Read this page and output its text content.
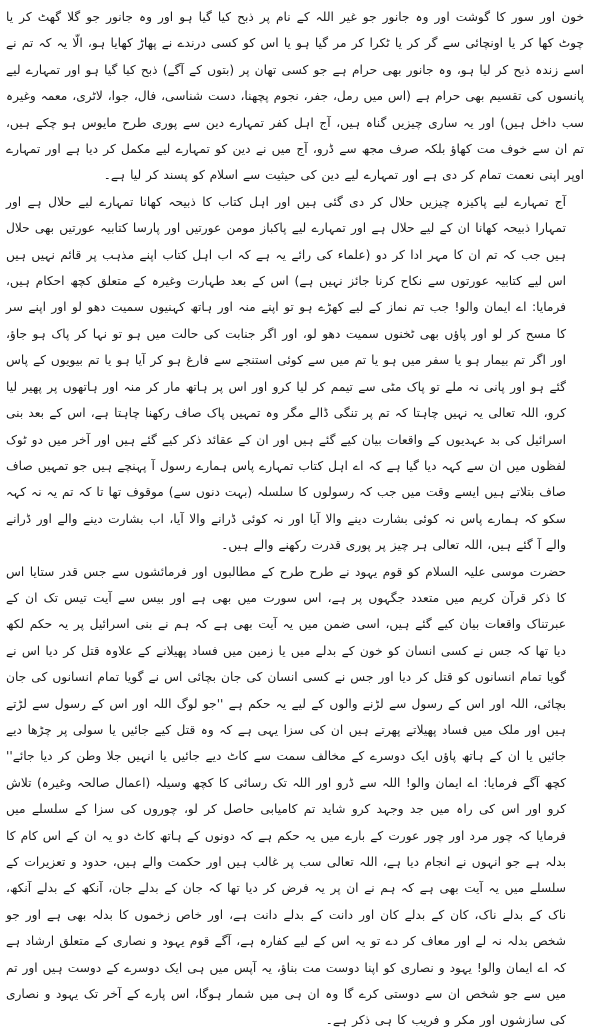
خون اور سور کا گوشت اور وہ جانور جو غیر اللہ کے نام پر ذبح کیا گیا ہو اور وہ جانور جو گلا گھٹ کر یا چوٹ کھا کر یا اونچائی سے گر کر یا ٹکرا کر مر گیا ہو یا اس کو کسی درندے نے پھاڑ کھایا ہو، الّا یہ کہ تم نے اسے زندہ ذبح کر لیا ہو، وہ جانور بھی حرام ہے جو کسی تھان پر (بتوں کے آگے) ذبح کیا گیا ہو اور تمہارے لیے پانسوں کی تقسیم بھی حرام ہے (اس میں رمل، جفر، نجوم پچھنا، دست شناسی، فال، جوا، لاٹری، معمہ وغیرہ سب داخل ہیں) اور یہ ساری چیزیں گناہ ہیں، آج اہل کفر تمہارے دین سے پوری طرح مایوس ہو چکے ہیں، تم ان سے خوف مت کھاؤ بلکہ صرف مجھ سے ڈرو، آج میں نے دین کو تمہارے لیے مکمل کر دیا ہے اور تمہارے اوپر اپنی نعمت تمام کر دی ہے اور تمہارے لیے دین کی حیثیت سے اسلام کو پسند کر لیا ہے۔

آج تمہارے لیے پاکیزہ چیزیں حلال کر دی گئی ہیں اور اہل کتاب کا ذبیحہ کھانا تمہارے لیے حلال ہے اور تمہارا ذبیحہ کھانا ان کے لیے حلال ہے اور تمہارے لیے پاکباز مومن عورتیں اور پارسا کتابیہ عورتیں بھی حلال ہیں جب کہ تم ان کا مہر ادا کر دو (علماء کی رائے یہ ہے کہ اب اہل کتاب اپنے مذہب پر قائم نہیں ہیں اس لیے کتابیہ عورتوں سے نکاح کرنا جائز نہیں ہے) اس کے بعد طہارت وغیرہ کے متعلق کچھ احکام ہیں، فرمایا: اے ایمان والو! جب تم نماز کے لیے کھڑے ہو تو اپنے منہ اور ہاتھ کہنیوں سمیت دھو لو اور اپنے سر کا مسح کر لو اور پاؤں بھی ٹخنوں سمیت دھو لو، اور اگر جنابت کی حالت میں ہو تو نہا کر پاک ہو جاؤ، اور اگر تم بیمار ہو یا سفر میں ہو یا تم میں سے کوئی استنجے سے فارغ ہو کر آیا ہو یا تم بیویوں کے پاس گئے ہو اور پانی نہ ملے تو پاک مٹی سے تیمم کر لیا کرو اور اس پر ہاتھ مار کر منہ اور ہاتھوں پر پھیر لیا کرو، اللہ تعالی یہ نہیں چاہتا کہ تم پر تنگی ڈالے مگر وہ تمہیں پاک صاف رکھنا چاہتا ہے، اس کے بعد بنی اسرائیل کی بد عہدیوں کے واقعات بیان کیے گئے ہیں اور ان کے عقائد ذکر کیے گئے ہیں اور آخر میں دو ٹوک لفظوں میں ان سے کہہ دیا گیا ہے کہ اے اہل کتاب تمہارے پاس ہمارے رسول آ پہنچے ہیں جو تمہیں صاف صاف بتلاتے ہیں ایسے وقت میں جب کہ رسولوں کا سلسلہ (بہت دنوں سے) موقوف تھا تا کہ تم یہ نہ کہہ سکو کہ ہمارے پاس نہ کوئی بشارت دینے والا آیا اور نہ کوئی ڈرانے والا آیا، اب بشارت دینے والے اور ڈرانے والے آ گئے ہیں، اللہ تعالی ہر چیز پر پوری قدرت رکھنے والے ہیں۔

حضرت موسی علیہ السلام کو قوم یہود نے طرح طرح کے مطالبوں اور فرمائشوں سے جس قدر ستایا اس کا ذکر قرآن کریم میں متعدد جگہوں پر ہے، اس سورت میں بھی ہے اور بیس سے آیت تیس تک ان کے عبرتناک واقعات بیان کیے گئے ہیں، اسی ضمن میں یہ آیت بھی ہے کہ ہم نے بنی اسرائیل پر یہ حکم لکھ دیا تھا کہ جس نے کسی انسان کو خون کے بدلے میں یا زمین میں فساد پھیلانے کے علاوہ قتل کر دیا اس نے گویا تمام انسانوں کو قتل کر دیا اور جس نے کسی انسان کی جان بچائی اس نے گویا تمام انسانوں کی جان بچائی، اللہ اور اس کے رسول سے لڑنے والوں کے لیے یہ حکم ہے ''جو لوگ اللہ اور اس کے رسول سے لڑتے ہیں اور ملک میں فساد پھیلاتے پھرتے ہیں ان کی سزا یہی ہے کہ وہ قتل کیے جائیں یا سولی پر چڑھا دیے جائیں یا ان کے ہاتھ پاؤں ایک دوسرے کے مخالف سمت سے کاٹ دیے جائیں یا انہیں جلا وطن کر دیا جائے'' کچھ آگے فرمایا: اے ایمان والو! اللہ سے ڈرو اور اللہ تک رسائی کا کچھ وسیلہ (اعمال صالحہ وغیرہ) تلاش کرو اور اس کی راہ میں جد وجہد کرو شاید تم کامیابی حاصل کر لو، چوروں کی سزا کے سلسلے میں فرمایا کہ چور مرد اور چور عورت کے بارے میں یہ حکم ہے کہ دونوں کے ہاتھ کاٹ دو یہ ان کے اس کام کا بدلہ ہے جو انہوں نے انجام دیا ہے، اللہ تعالی سب پر غالب ہیں اور حکمت والے ہیں، حدود و تعزیرات کے سلسلے میں یہ آیت بھی ہے کہ ہم نے ان پر یہ فرض کر دیا تھا کہ جان کے بدلے جان، آنکھ کے بدلے آنکھ، ناک کے بدلے ناک، کان کے بدلے کان اور دانت کے بدلے دانت ہے، اور خاص زخموں کا بدلہ بھی ہے اور جو شخص بدلہ نہ لے اور معاف کر دے تو یہ اس کے لیے کفارہ ہے، آگے قوم یہود و نصاری کے متعلق ارشاد ہے کہ اے ایمان والو! یہود و نصاری کو اپنا دوست مت بناؤ، یہ آپس میں ہی ایک دوسرے کے دوست ہیں اور تم میں سے جو شخص ان سے دوستی کرے گا وہ ان ہی میں شمار ہوگا، اس پارے کے آخر تک یہود و نصاری کی سازشوں اور مکر و فریب کا ہی ذکر ہے۔
